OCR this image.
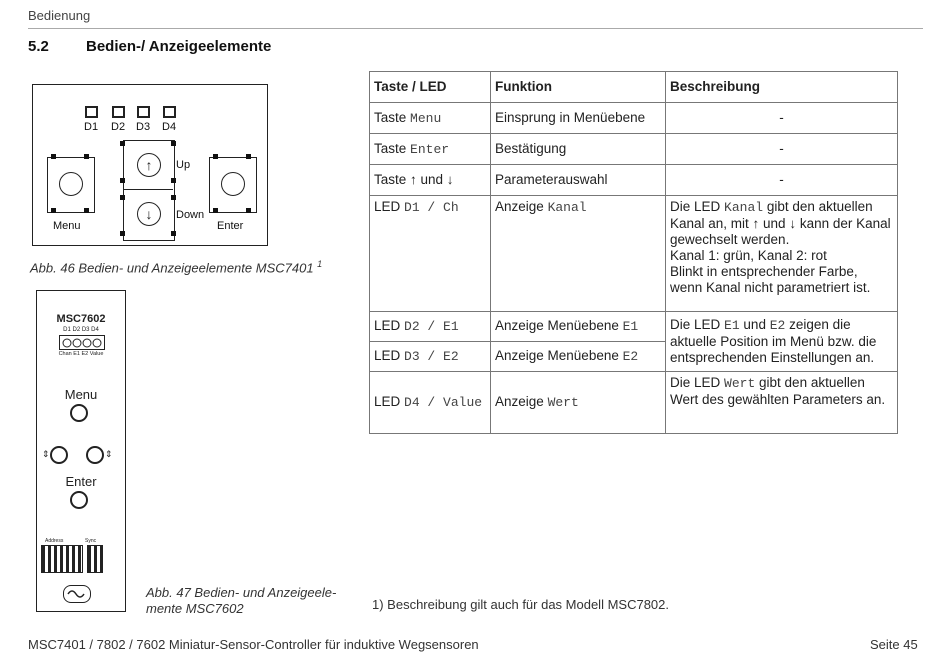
Bedienung
5.2 Bedien-/ Anzeigeelemente
D1 D2 D3 D4
Menu
↑
↓
Up
Down
Enter
Abb. 46 Bedien- und Anzeigeelemente MSC7401 $^1$
MSC7602
D1 D2 D3 D4
Chan E1 E2 Value
Menu
⇕	⇕
Enter
Address	Sync
Abb. 47 Bedien- und Anzeigeele-
mente MSC7602
Taste / LED	Funktion	Beschreibung
Taste Menu	Einsprung in Menüebene	-
Taste Enter	Bestätigung	-
Taste ↑ und ↓	Parameterauswahl	-
LED D1 / Ch	Anzeige Kanal	Die LED Kanal gibt den aktuellen Kanal an, mit ↑ und ↓ kann der Kanal gewechselt werden.
Kanal 1: grün, Kanal 2: rot
Blinkt in entsprechender Farbe, wenn Kanal nicht parametriert ist.
LED D2 / E1	Anzeige Menüebene E1	Die LED E1 und E2 zeigen die aktuelle Position im Menü bzw. die entsprechenden Einstellungen an.
LED D3 / E2	Anzeige Menüebene E2	
LED D4 / Value	Anzeige Wert	Die LED Wert gibt den aktuellen Wert des gewählten Parameters an.
1) Beschreibung gilt auch für das Modell MSC7802.
MSC7401 / 7802 / 7602 Miniatur-Sensor-Controller für induktive Wegsensoren	Seite 45
